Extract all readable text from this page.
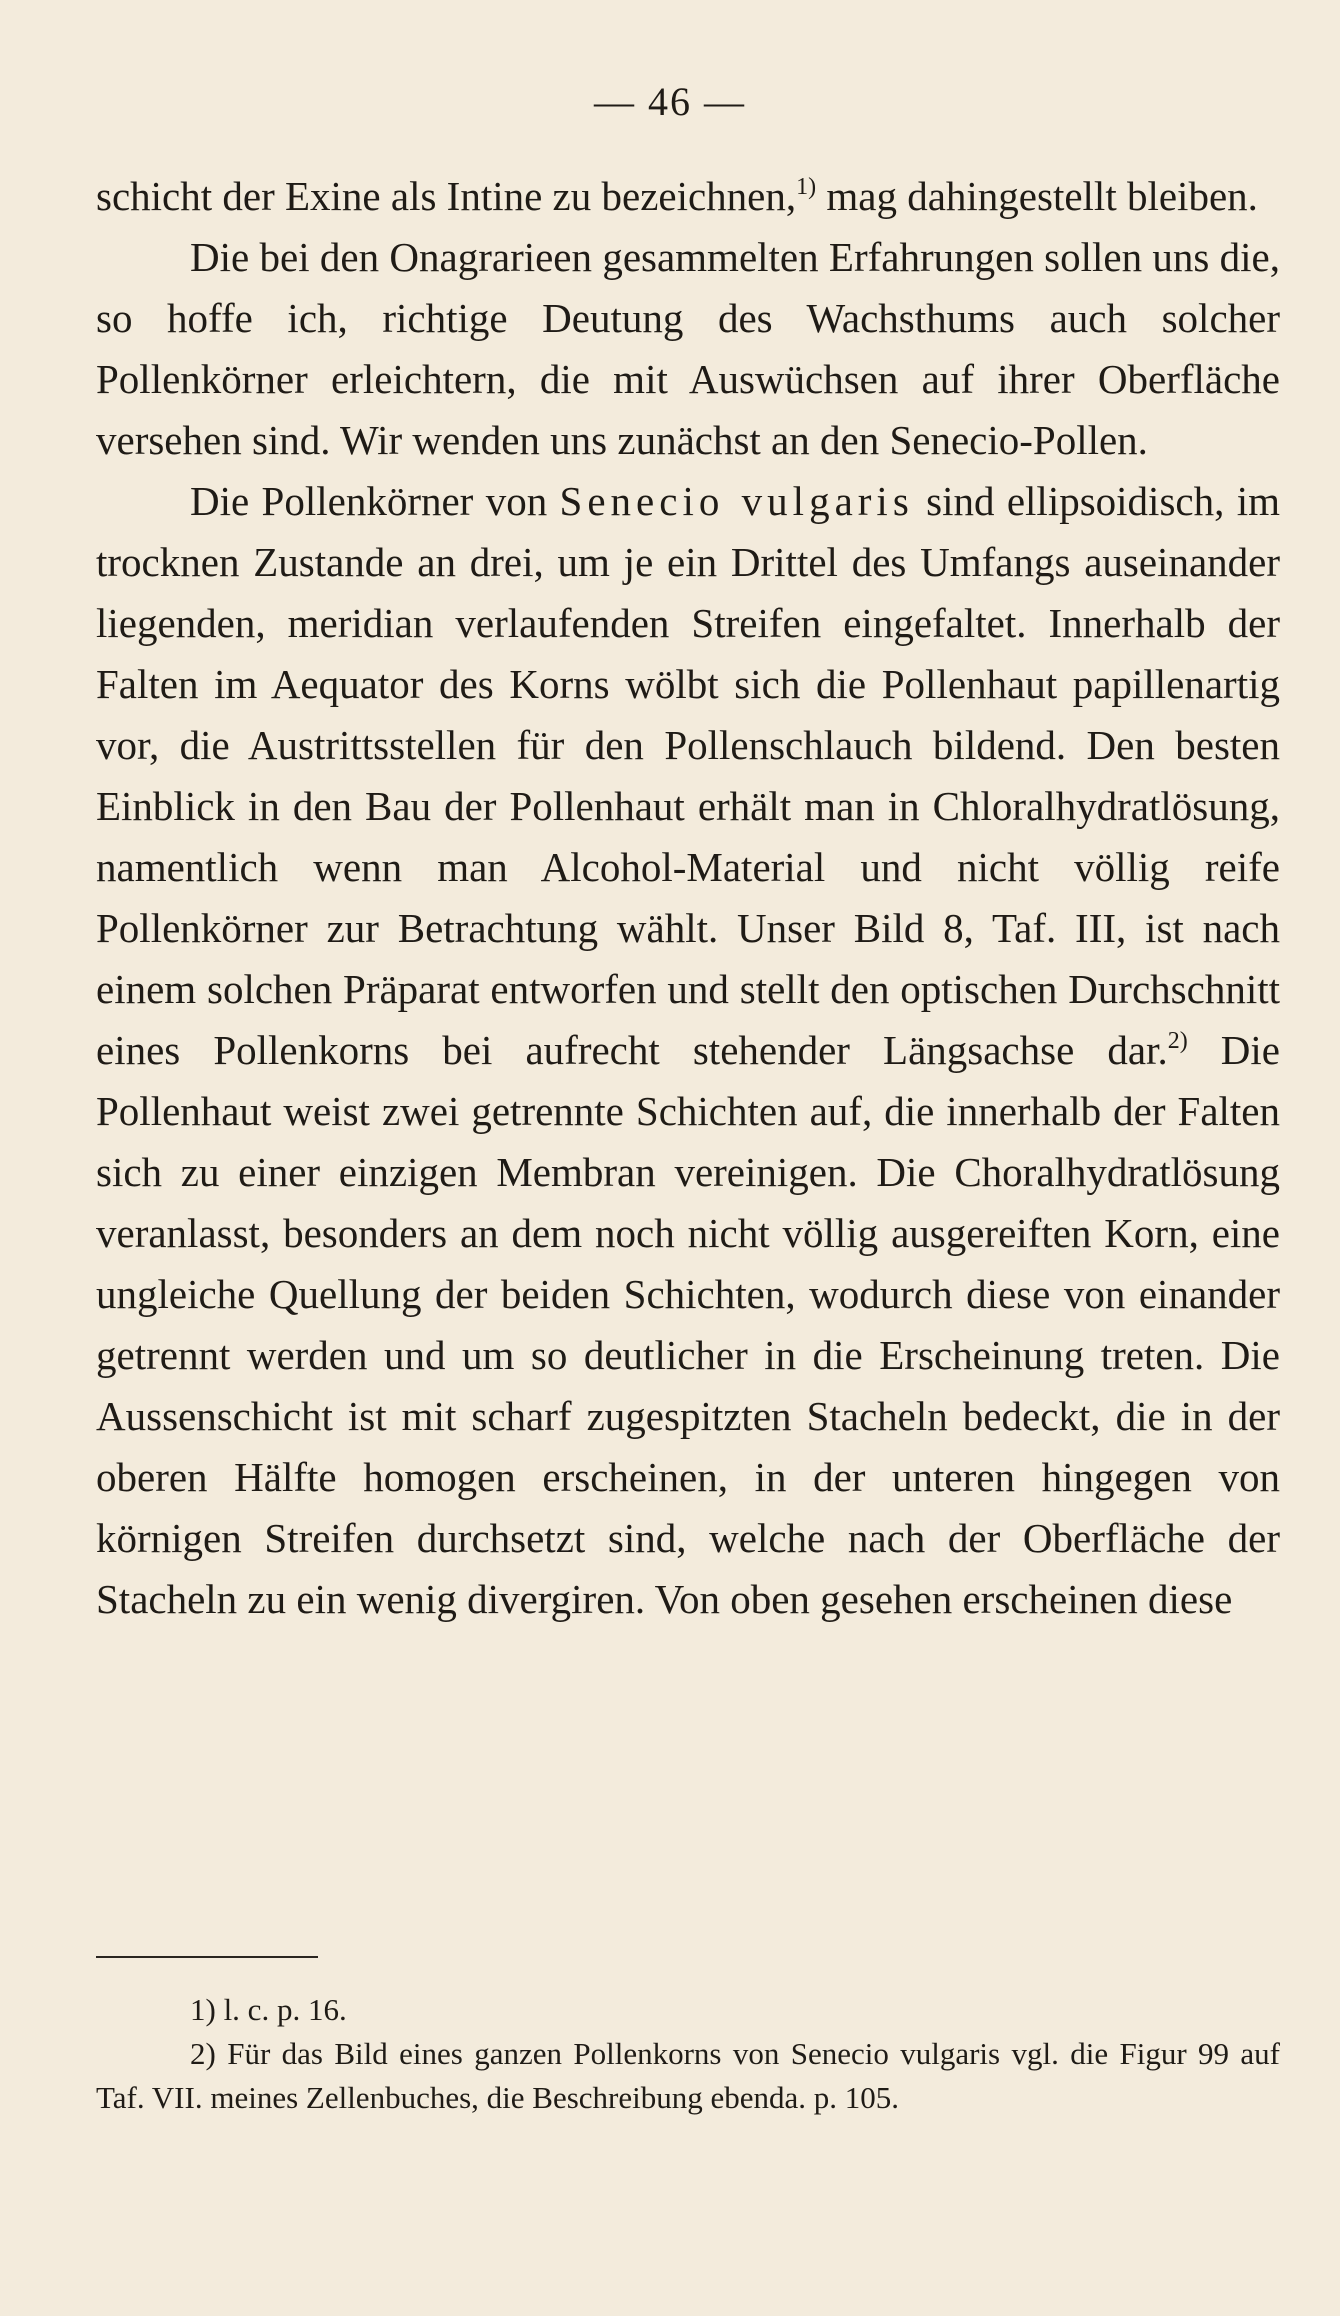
— 46 —

schicht der Exine als Intine zu bezeichnen,$^{1)}$ mag dahingestellt bleiben.

Die bei den Onagrarieen gesammelten Erfahrungen sollen uns die, so hoffe ich, richtige Deutung des Wachsthums auch solcher Pollenkörner erleichtern, die mit Auswüchsen auf ihrer Oberfläche versehen sind. Wir wenden uns zunächst an den Senecio-Pollen.

Die Pollenkörner von Senecio vulgaris sind ellipsoidisch, im trocknen Zustande an drei, um je ein Drittel des Umfangs auseinander liegenden, meridian verlaufenden Streifen eingefaltet. Innerhalb der Falten im Aequator des Korns wölbt sich die Pollenhaut papillenartig vor, die Austrittsstellen für den Pollenschlauch bildend. Den besten Einblick in den Bau der Pollenhaut erhält man in Chloralhydratlösung, namentlich wenn man Alcohol-Material und nicht völlig reife Pollenkörner zur Betrachtung wählt. Unser Bild 8, Taf. III, ist nach einem solchen Präparat entworfen und stellt den optischen Durchschnitt eines Pollenkorns bei aufrecht stehender Längsachse dar.$^{2)}$ Die Pollenhaut weist zwei getrennte Schichten auf, die innerhalb der Falten sich zu einer einzigen Membran vereinigen. Die Choralhydratlösung veranlasst, besonders an dem noch nicht völlig ausgereiften Korn, eine ungleiche Quellung der beiden Schichten, wodurch diese von einander getrennt werden und um so deutlicher in die Erscheinung treten. Die Aussenschicht ist mit scharf zugespitzten Stacheln bedeckt, die in der oberen Hälfte homogen erscheinen, in der unteren hingegen von körnigen Streifen durchsetzt sind, welche nach der Oberfläche der Stacheln zu ein wenig divergiren. Von oben gesehen erscheinen diese

1) l. c. p. 16.

2) Für das Bild eines ganzen Pollenkorns von Senecio vulgaris vgl. die Figur 99 auf Taf. VII. meines Zellenbuches, die Beschreibung ebenda. p. 105.
